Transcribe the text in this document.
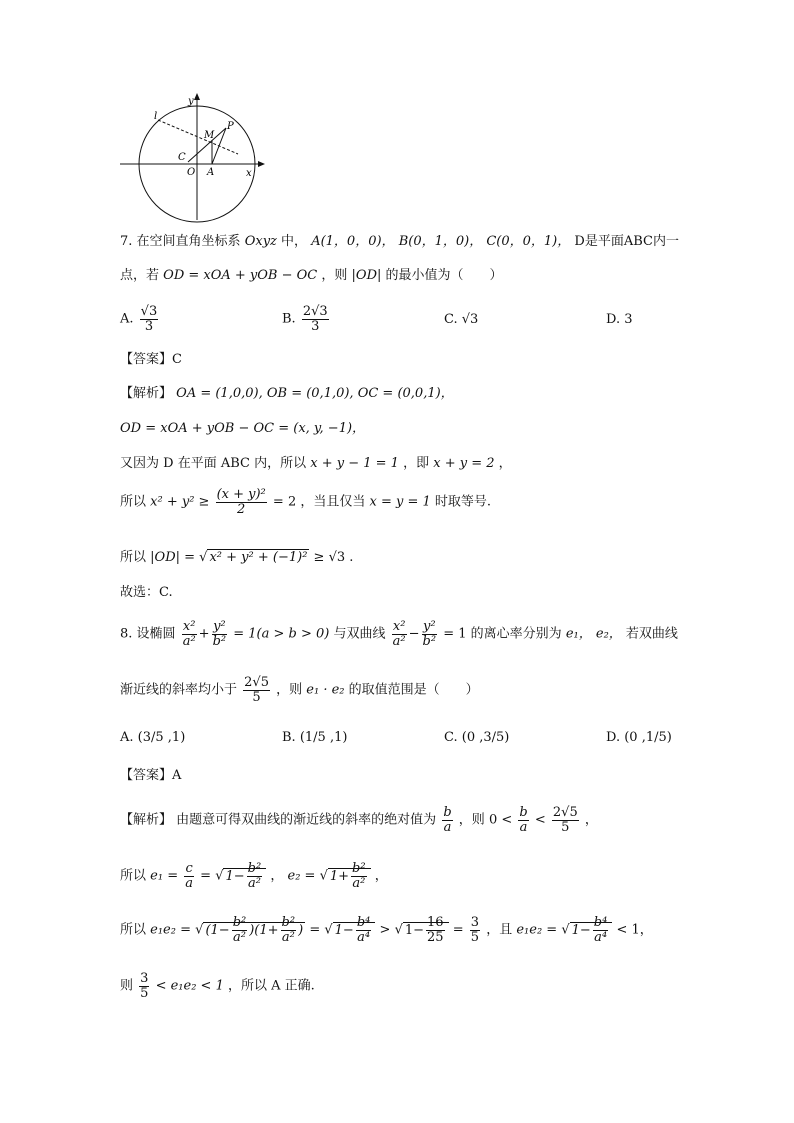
y
x
l
P
M
C
O A
7. 在空间直角坐标系 Oxyz 中， A(1，0，0)， B(0，1，0)， C(0，0，1)， D是平面ABC内一
点，若 OD = xOA + yOB − OC ，则 |OD| 的最小值为（　　）
A. $\frac{√3}{3}$	B. $\frac{2√3}{3}$	C. √3	D. 3
【答案】C
【解析】 OA = (1,0,0), OB = (0,1,0), OC = (0,0,1)，
OD = xOA + yOB − OC = (x, y, −1)，
又因为 D 在平面 ABC 内，所以 x + y − 1 = 1 ，即 x + y = 2 ，
所以 $x^2 + y^2 \ge \frac{\text{(x + y)²}}{2} = 2$ ，当且仅当 x = y = 1 时取等号.
所以 |OD| = √ x² + y² + (−1)² ≥ √3 .
故选：C.
8. 设椭圆 $\frac{\text{x²}}{\text{a²}} + \frac{\text{y²}}{\text{b²}} = 1(a > b > 0)$ 与双曲线 $\frac{\text{x²}}{\text{a²}} - \frac{\text{y²}}{\text{b²}} = 1$ 的离心率分别为 e₁， e₂， 若双曲线
渐近线的斜率均小于 $\frac{2√5}{5}$ ，则 e₁ · e₂ 的取值范围是（　　）
A. (3/5 ,1)	B. (1/5 ,1)	C. (0 ,3/5)	D. (0 ,1/5)
【答案】A
【解析】 由题意可得双曲线的渐近线的斜率的绝对值为 $\frac{b}{a}$ ，则 $0 < \frac{b}{a} < \frac{2√5}{5}$ ，
所以 $e_1 = \frac{c}{a}$ = √ $1- \frac{\text{b²}}{\text{a²}}$ ， e₂ = √ $1+ \frac{\text{b²}}{\text{a²}}$ ，
所以 e₁e₂ = √ $(1- \frac{\text{b²}}{\text{a²}} )(1+ \frac{\text{b²}}{\text{a²}}$ ) = √ $1- \frac{\text{b⁴}}{\text{a⁴}}$ > √ $1- \frac{16}{25} = \frac{3}{5}$ ，且 e₁e₂ = √ $1- \frac{\text{b⁴}}{\text{a⁴}} < 1$，
则 $\frac{3}{5} < e_1e_2 < 1$ ，所以 A 正确.
